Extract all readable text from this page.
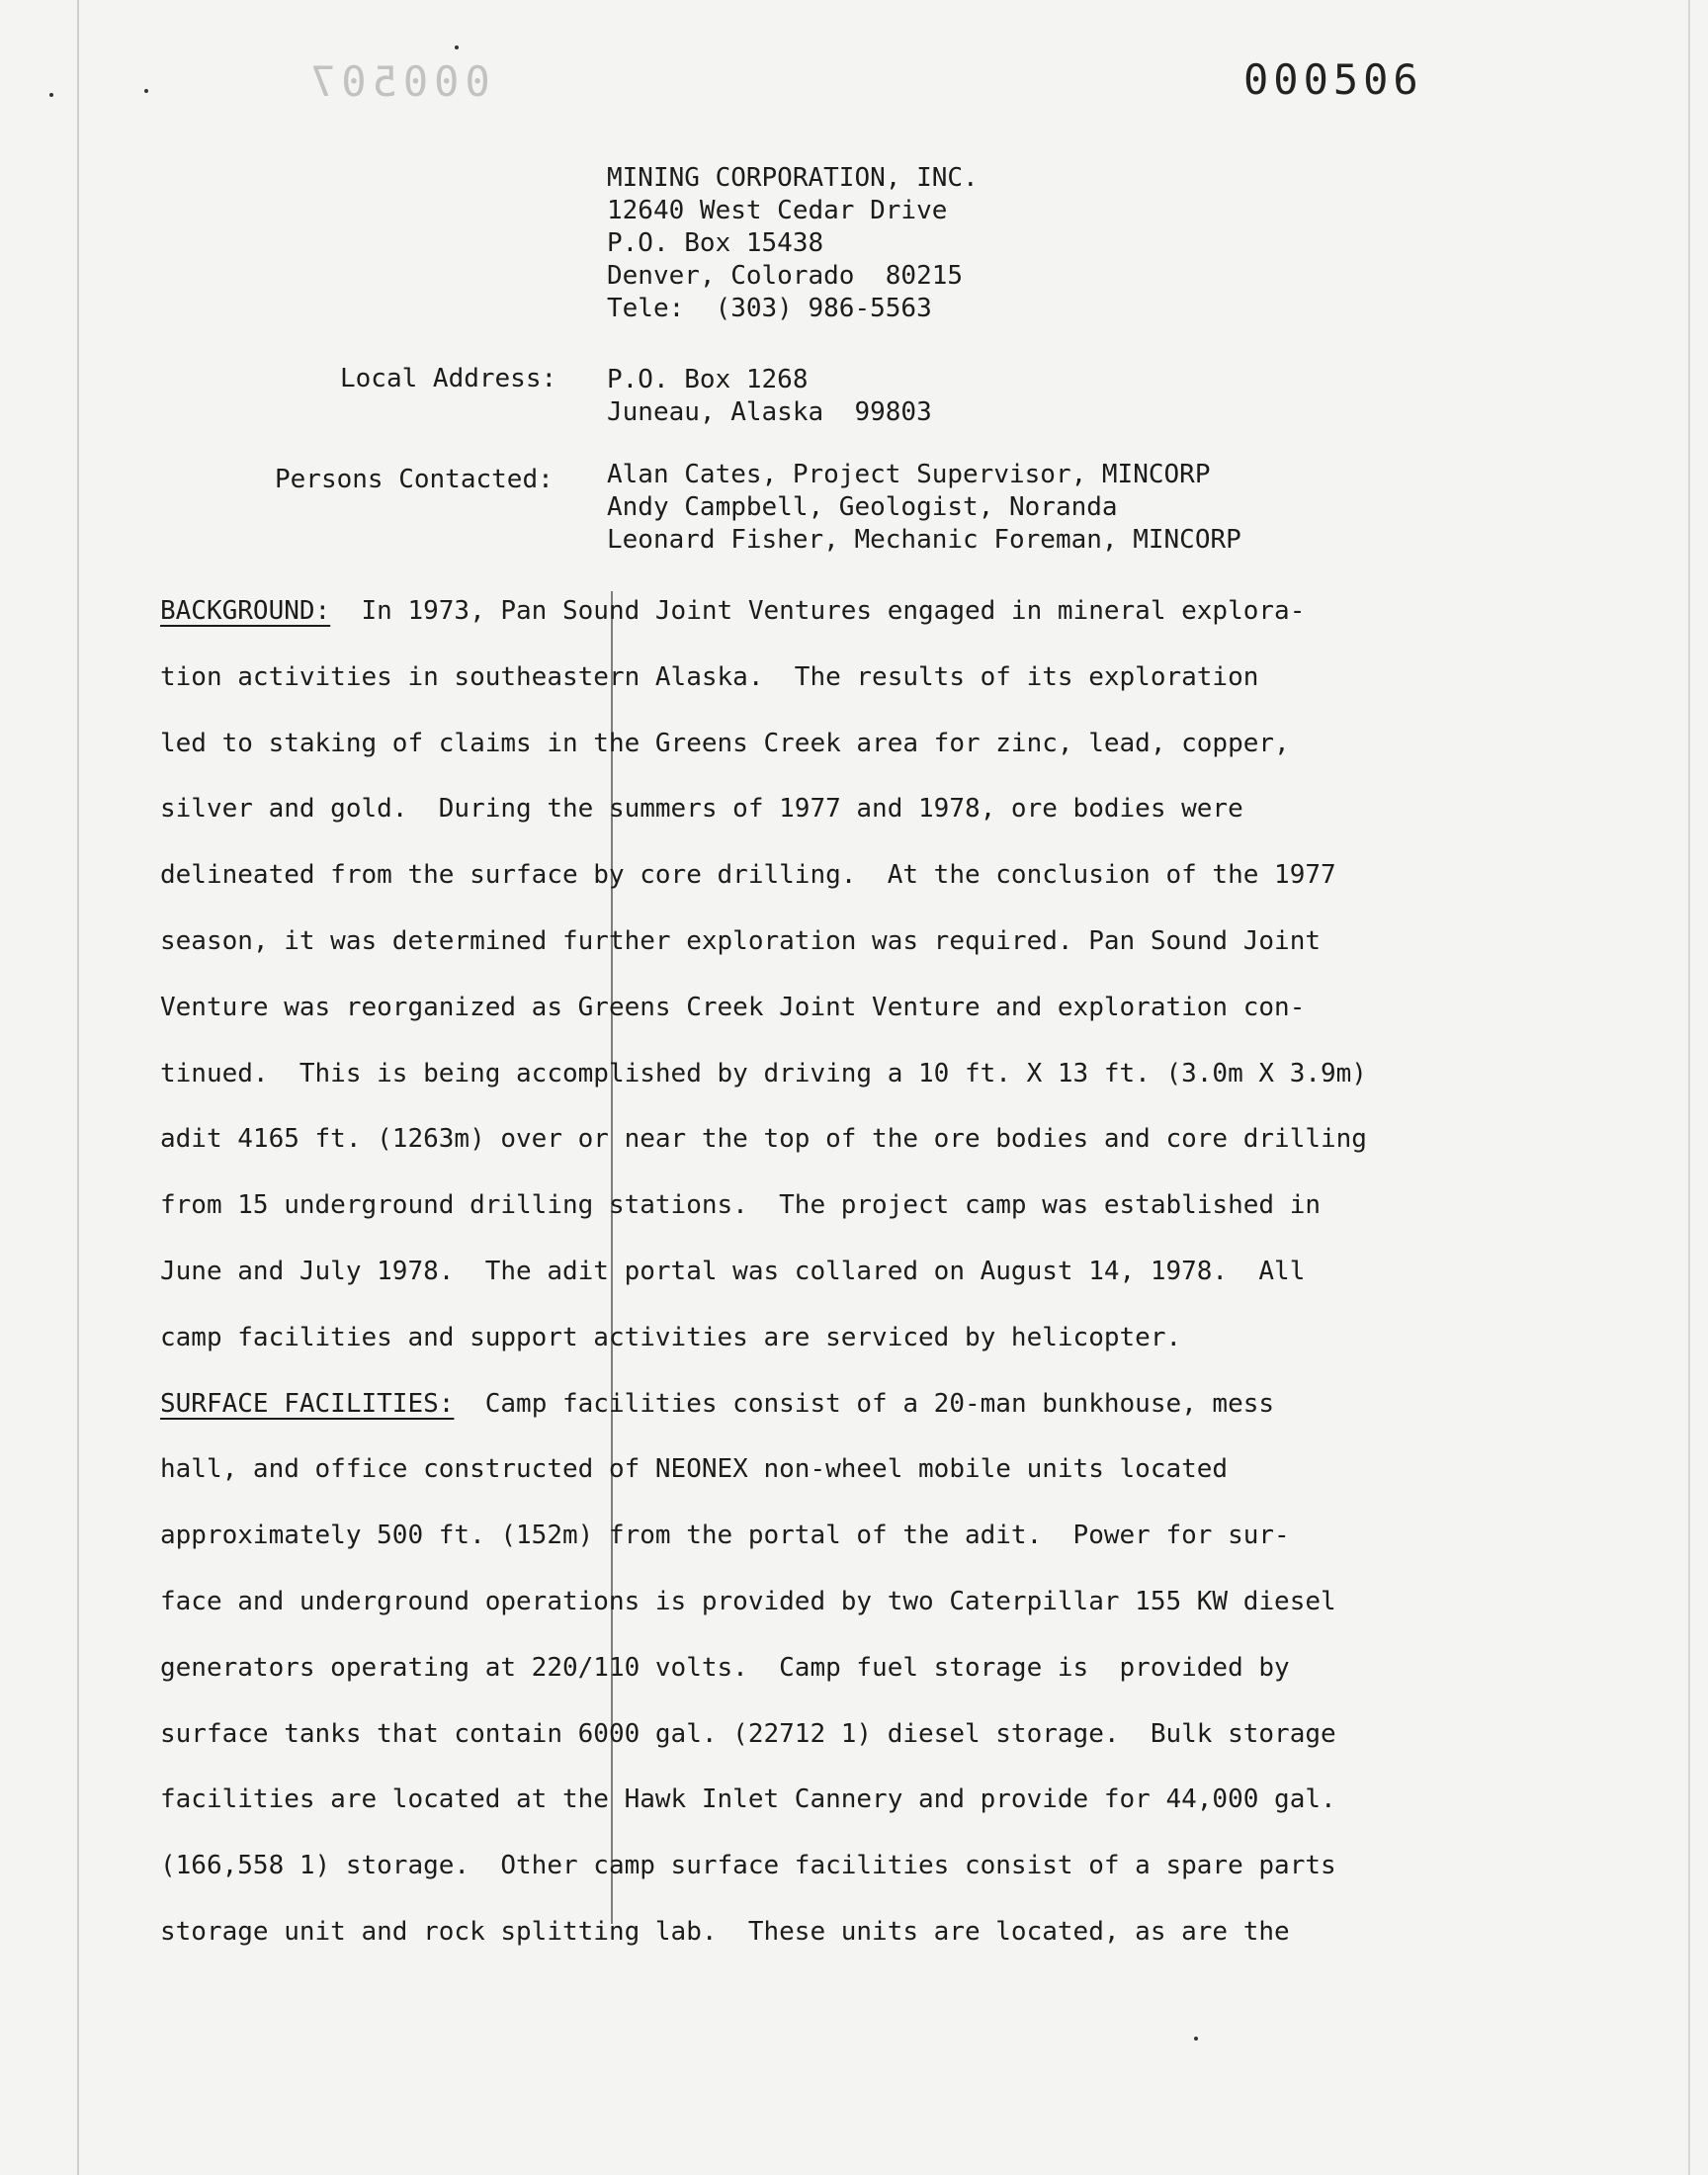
000507	000506
MINING CORPORATION, INC.
12640 West Cedar Drive
P.O. Box 15438
Denver, Colorado  80215
Tele:  (303) 986-5563
Local Address: P.O. Box 1268
Juneau, Alaska  99803
Persons Contacted: Alan Cates, Project Supervisor, MINCORP
Andy Campbell, Geologist, Noranda
Leonard Fisher, Mechanic Foreman, MINCORP
BACKGROUND:  In 1973, Pan Sound Joint Ventures engaged in mineral explora-
tion activities in southeastern Alaska.  The results of its exploration
led to staking of claims in the Greens Creek area for zinc, lead, copper,
silver and gold.  During the summers of 1977 and 1978, ore bodies were
delineated from the surface by core drilling.  At the conclusion of the 1977
season, it was determined further exploration was required. Pan Sound Joint
Venture was reorganized as Greens Creek Joint Venture and exploration con-
tinued.  This is being accomplished by driving a 10 ft. X 13 ft. (3.0m X 3.9m)
adit 4165 ft. (1263m) over or near the top of the ore bodies and core drilling
from 15 underground drilling stations.  The project camp was established in
June and July 1978.  The adit portal was collared on August 14, 1978.  All
camp facilities and support activities are serviced by helicopter.
SURFACE FACILITIES:  Camp facilities consist of a 20-man bunkhouse, mess
hall, and office constructed of NEONEX non-wheel mobile units located
approximately 500 ft. (152m) from the portal of the adit.  Power for sur-
face and underground operations is provided by two Caterpillar 155 KW diesel
generators operating at 220/110 volts.  Camp fuel storage is  provided by
surface tanks that contain 6000 gal. (22712 1) diesel storage.  Bulk storage
facilities are located at the Hawk Inlet Cannery and provide for 44,000 gal.
(166,558 1) storage.  Other camp surface facilities consist of a spare parts
storage unit and rock splitting lab.  These units are located, as are the
